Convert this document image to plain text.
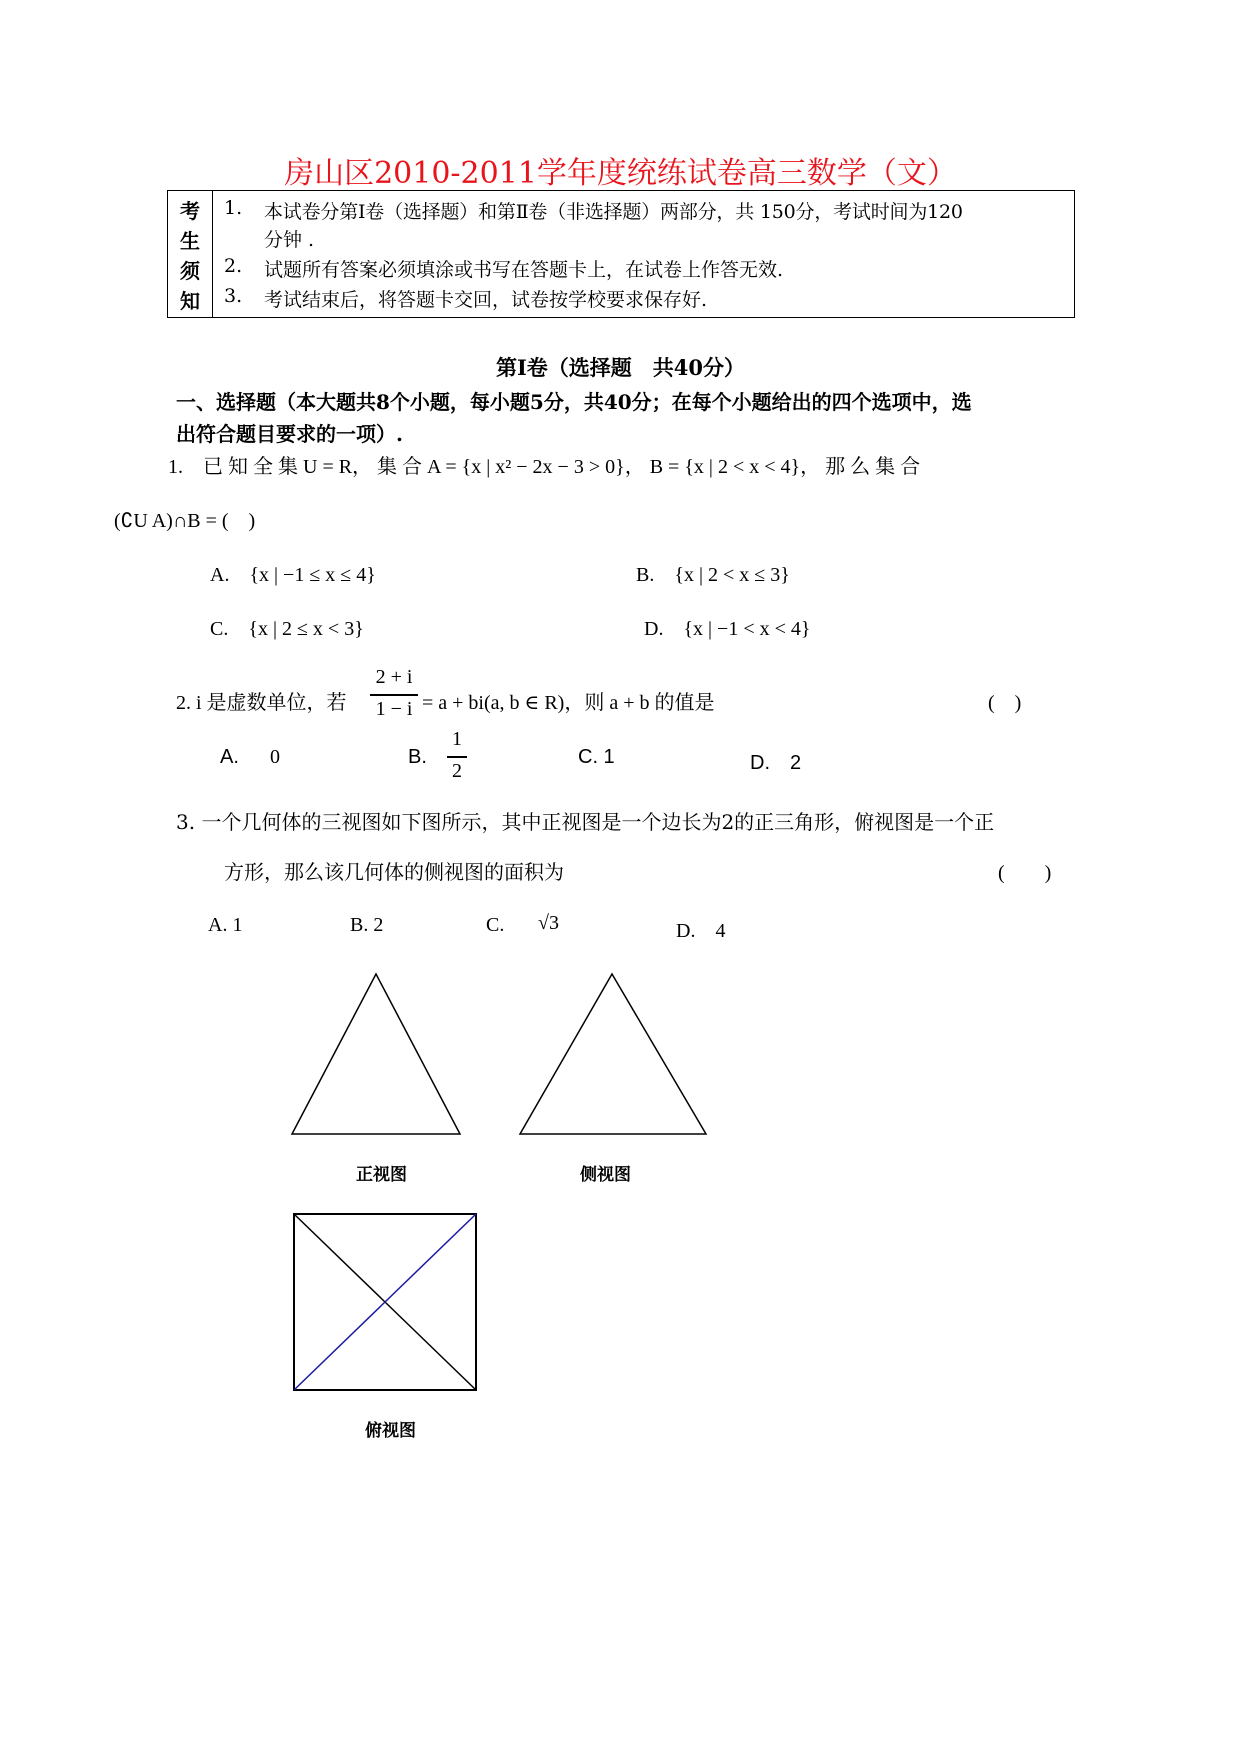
房山区2010-2011学年度统练试卷高三数学（文）
考
生
须
知
1. 本试卷分第Ⅰ卷（选择题）和第Ⅱ卷（非选择题）两部分，共 150分，考试时间为120
分钟 .
2. 试题所有答案必须填涂或书写在答题卡上，在试卷上作答无效.
3. 考试结束后，将答题卡交回，试卷按学校要求保存好.
第Ⅰ卷（选择题　共40分）
一、选择题（本大题共8个小题，每小题5分，共40分；在每个小题给出的四个选项中，选
出符合题目要求的一项）.
1.　已 知 全 集 U = R， 集 合 A = {x | x² − 2x − 3 > 0}， B = {x | 2 < x < 4}， 那 么 集 合
(∁U A)∩B = (　)
A.　{x | −1 ≤ x ≤ 4}	B.　{x | 2 < x ≤ 3}
C.　{x | 2 ≤ x < 3}	D.　{x | −1 < x < 4}
2. i 是虚数单位，若
2 + i
1 − i = a + bi(a, b ∈ R)，则 a + b 的值是	(　)
A. 0	B.
1
2
C. 1	D.　2
3. 一个几何体的三视图如下图所示，其中正视图是一个边长为2的正三角形，俯视图是一个正
方形，那么该几何体的侧视图的面积为	(　　)
A. 1	B. 2	C. √3	D.　4
正视图	侧视图
俯视图
